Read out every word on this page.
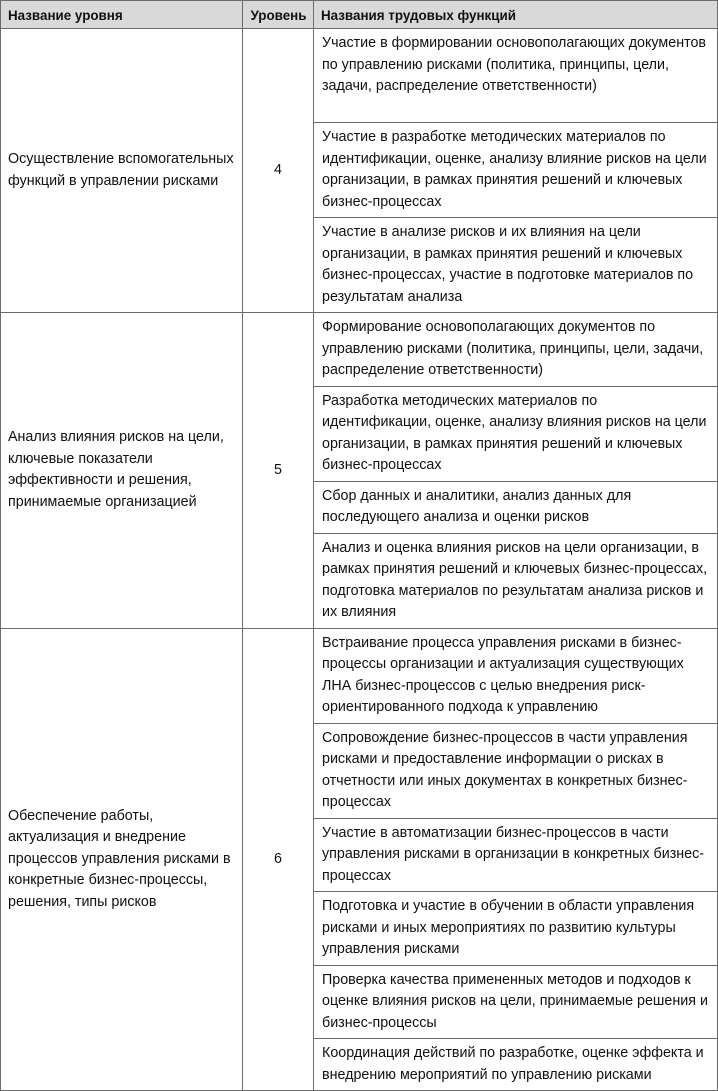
Название уровня	Уровень	Названия трудовых функций
Осуществление вспомогательных функций в управлении рисками	4	Участие в формировании основополагающих документов по управлению рисками (политика, принципы, цели, задачи, распределение ответственности)
		Участие в разработке методических материалов по идентификации, оценке, анализу влияние рисков на цели организации, в рамках принятия решений и ключевых бизнес-процессах
		Участие в анализе рисков и их влияния на цели организации, в рамках принятия решений и ключевых бизнес-процессах, участие в подготовке материалов по результатам анализа
Анализ влияния рисков на цели, ключевые показатели эффективности и решения, принимаемые организацией	5	Формирование основополагающих документов по управлению рисками (политика, принципы, цели, задачи, распределение ответственности)
		Разработка методических материалов по идентификации, оценке, анализу влияния рисков на цели организации, в рамках принятия решений и ключевых бизнес-процессах
		Сбор данных и аналитики, анализ данных для последующего анализа и оценки рисков
		Анализ и оценка влияния рисков на цели организации, в рамках принятия решений и ключевых бизнес-процессах, подготовка материалов по результатам анализа рисков и их влияния
Обеспечение работы, актуализация и внедрение процессов управления рисками в конкретные бизнес-процессы, решения, типы рисков	6	Встраивание процесса управления рисками в бизнес-процессы организации и актуализация существующих ЛНА бизнес-процессов с целью внедрения риск-ориентированного подхода к управлению
		Сопровождение бизнес-процессов в части управления рисками и предоставление информации о рисках в отчетности или иных документах в конкретных бизнес-процессах
		Участие в автоматизации бизнес-процессов в части управления рисками в организации в конкретных бизнес-процессах
		Подготовка и участие в обучении в области управления рисками и иных мероприятиях по развитию культуры управления рисками
		Проверка качества примененных методов и подходов к оценке влияния рисков на цели, принимаемые решения и бизнес-процессы
		Координация действий по разработке, оценке эффекта и внедрению мероприятий по управлению рисками
